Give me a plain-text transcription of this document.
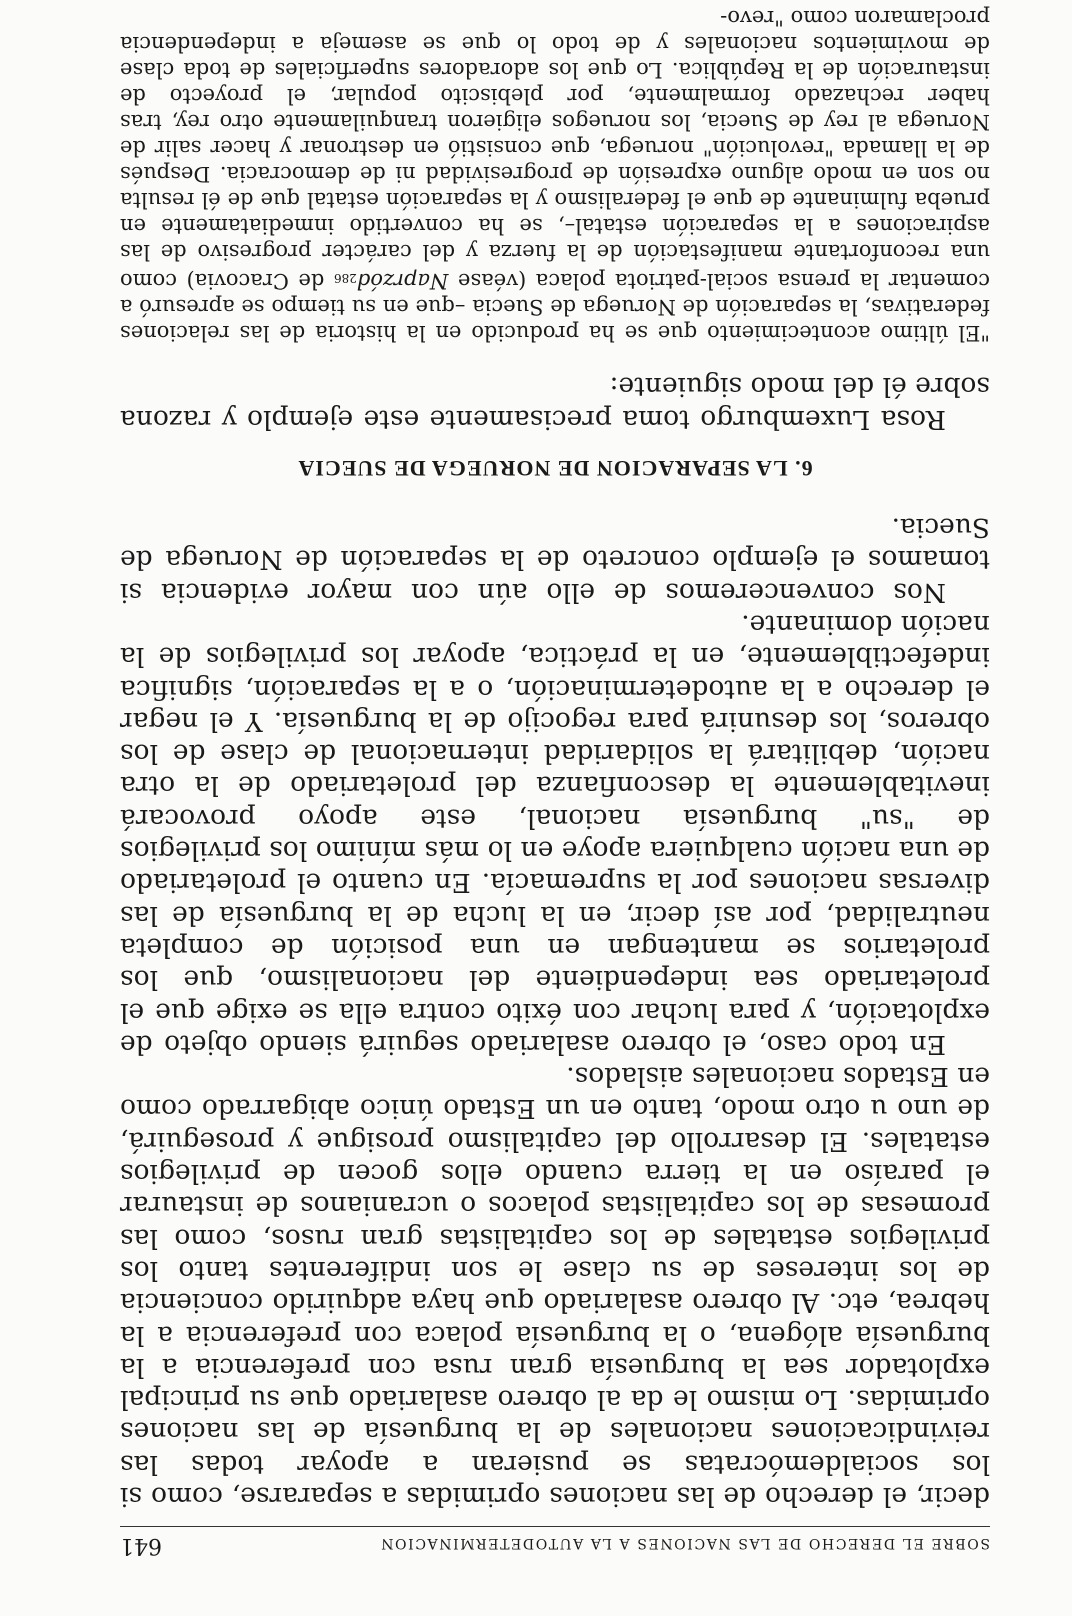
SOBRE EL DERECHO DE LAS NACIONES A LA AUTODETERMINACION
641

decir, el derecho de las naciones oprimidas a separarse, como si los socialdemócratas se pusieran a apoyar todas las reivindicaciones nacionales de la burguesía de las naciones oprimidas. Lo mismo le da al obrero asalariado que su principal explotador sea la burguesía gran rusa con preferencia a la burguesía alógena, o la burguesía polaca con preferencia a la hebrea, etc. Al obrero asalariado que haya adquirido conciencia de los intereses de su clase le son indiferentes tanto los privilegios estatales de los capitalistas gran rusos, como las promesas de los capitalistas polacos o ucranianos de instaurar el paraíso en la tierra cuando ellos gocen de privilegios estatales. El desarrollo del capitalismo prosigue y proseguirá, de uno u otro modo, tanto en un Estado único abigarrado como en Estados nacionales aislados.

En todo caso, el obrero asalariado seguirá siendo objeto de explotación, y para luchar con éxito contra ella se exige que el proletariado sea independiente del nacionalismo, que los proletarios se mantengan en una posición de completa neutralidad, por así decir, en la lucha de la burguesía de las diversas naciones por la supremacía. En cuanto el proletariado de una nación cualquiera apoye en lo más mínimo los privilegios de "su" burguesía nacional, este apoyo provocará inevitablemente la desconfianza del proletariado de la otra nación, debilitará la solidaridad internacional de clase de los obreros, los desunirá para regocijo de la burguesía. Y el negar el derecho a la autodeterminación, o a la separación, significa indefectiblemente, en la práctica, apoyar los privilegios de la nación dominante.

Nos convenceremos de ello aún con mayor evidencia si tomamos el ejemplo concreto de la separación de Noruega de Suecia.

6. LA SEPARACION DE NORUEGA DE SUECIA

Rosa Luxemburgo toma precisamente este ejemplo y razona sobre él del modo siguiente:

"El último acontecimiento que se ha producido en la historia de las relaciones federativas, la separación de Noruega de Suecia –que en su tiempo se apresuró a comentar la prensa social-patriota polaca (véase Naprzód286 de Cracovia) como una reconfortante manifestación de la fuerza y del carácter progresivo de las aspiraciones a la separación estatal–, se ha convertido inmediatamente en prueba fulminante de que el federalismo y la separación estatal que de él resulta no son en modo alguno expresión de progresividad ni de democracia. Después de la llamada "revolución" noruega, que consistió en destronar y hacer salir de Noruega al rey de Suecia, los noruegos eligieron tranquilamente otro rey, tras haber rechazado formalmente, por plebiscito popular, el proyecto de instauración de la República. Lo que los adoradores superficiales de toda clase de movimientos nacionales y de todo lo que se asemeja a independencia proclamaron como "revo-
